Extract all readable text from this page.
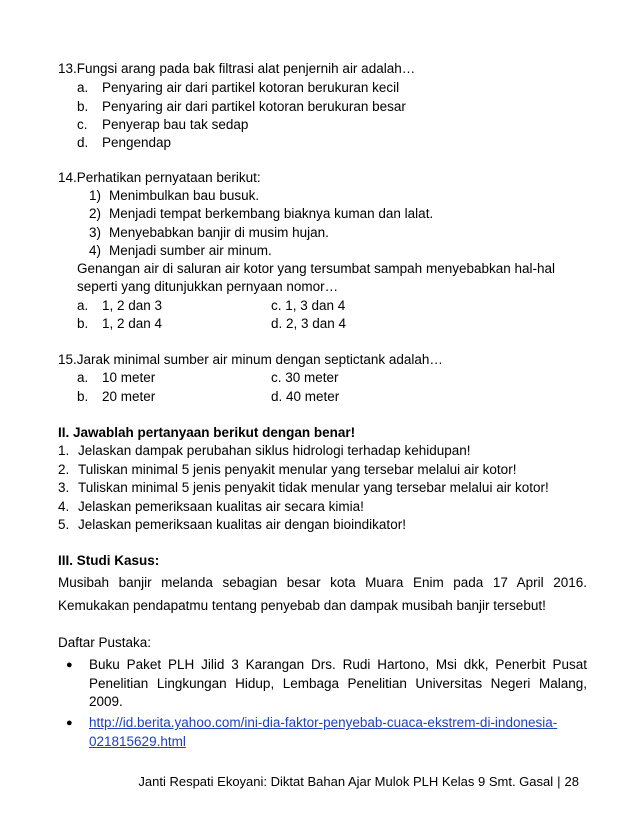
13.Fungsi arang pada bak filtrasi alat penjernih air adalah…
a. Penyaring air dari partikel kotoran berukuran kecil
b. Penyaring air dari partikel kotoran berukuran besar
c. Penyerap bau tak sedap
d. Pengendap
14.Perhatikan pernyataan berikut:
1) Menimbulkan bau busuk.
2) Menjadi tempat berkembang biaknya kuman dan lalat.
3) Menyebabkan banjir di musim hujan.
4) Menjadi sumber air minum.
Genangan air di saluran air kotor yang tersumbat sampah menyebabkan hal-hal
seperti yang ditunjukkan pernyaan nomor…
a. 1, 2 dan 3	c. 1, 3 dan 4
b. 1, 2 dan 4	d. 2, 3 dan 4
15.Jarak minimal sumber air minum dengan septictank adalah…
a. 10 meter	c. 30 meter
b. 20 meter	d. 40 meter
II. Jawablah pertanyaan berikut dengan benar!
1. Jelaskan dampak perubahan siklus hidrologi terhadap kehidupan!
2. Tuliskan minimal 5 jenis penyakit menular yang tersebar melalui air kotor!
3. Tuliskan minimal 5 jenis penyakit tidak menular yang tersebar melalui air kotor!
4. Jelaskan pemeriksaan kualitas air secara kimia!
5. Jelaskan pemeriksaan kualitas air dengan bioindikator!
III. Studi Kasus:
Musibah banjir melanda sebagian besar kota Muara Enim pada 17 April 2016.
Kemukakan pendapatmu tentang penyebab dan dampak musibah banjir tersebut!
Daftar Pustaka:
● Buku Paket PLH Jilid 3 Karangan Drs. Rudi Hartono, Msi dkk, Penerbit Pusat
Penelitian Lingkungan Hidup, Lembaga Penelitian Universitas Negeri Malang,
2009.
● http://id.berita.yahoo.com/ini-dia-faktor-penyebab-cuaca-ekstrem-di-indonesia-
021815629.html
Janti Respati Ekoyani: Diktat Bahan Ajar Mulok PLH Kelas 9 Smt. Gasal | 28
